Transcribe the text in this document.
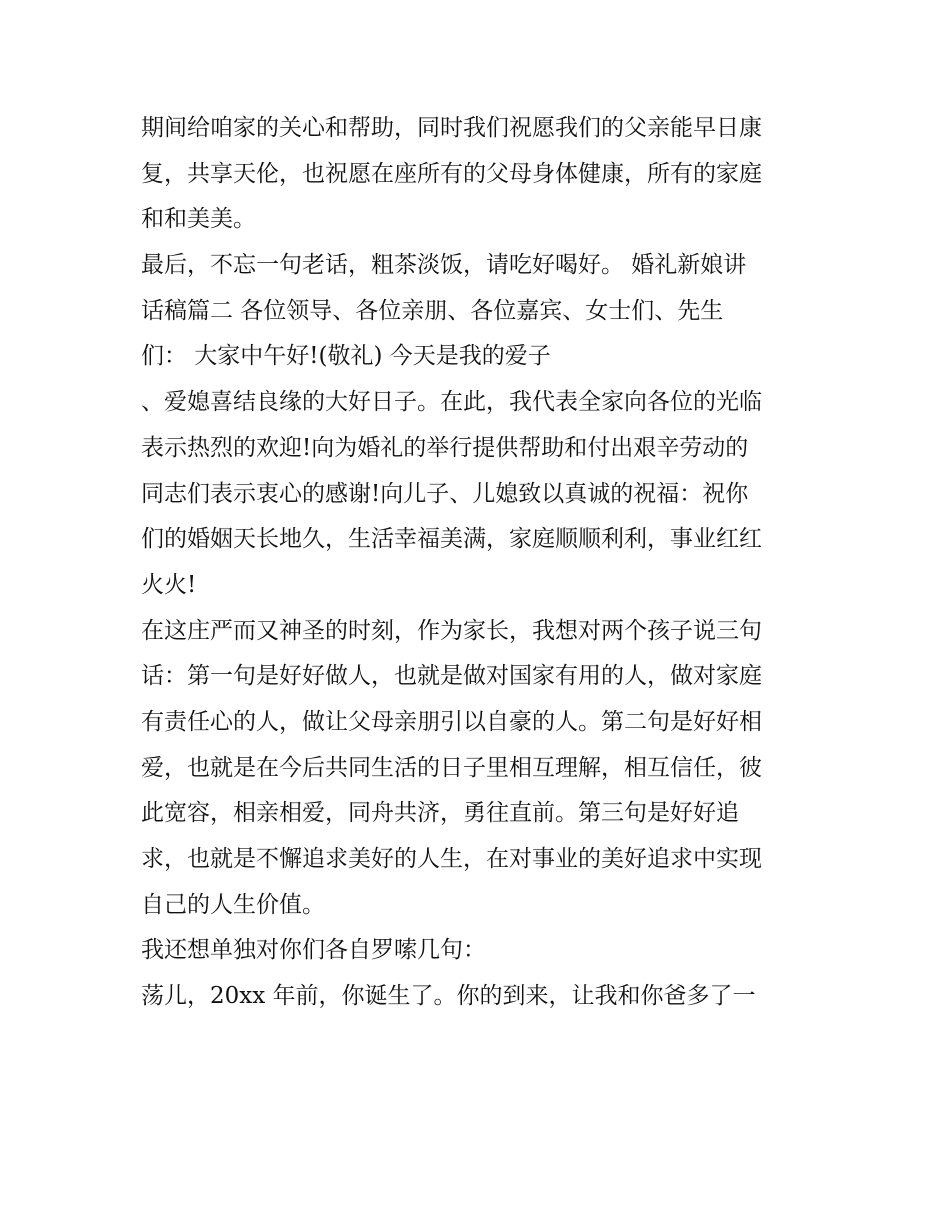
期间给咱家的关心和帮助，同时我们祝愿我们的父亲能早日康
复，共享天伦，也祝愿在座所有的父母身体健康，所有的家庭
和和美美。
最后，不忘一句老话，粗茶淡饭，请吃好喝好。 婚礼新娘讲
话稿篇二 各位领导、各位亲朋、各位嘉宾、女士们、先生
们： 大家中午好!(敬礼) 今天是我的爱子
、爱媳喜结良缘的大好日子。在此，我代表全家向各位的光临
表示热烈的欢迎!向为婚礼的举行提供帮助和付出艰辛劳动的
同志们表示衷心的感谢!向儿子、儿媳致以真诚的祝福：祝你
们的婚姻天长地久，生活幸福美满，家庭顺顺利利，事业红红
火火!
在这庄严而又神圣的时刻，作为家长，我想对两个孩子说三句
话：第一句是好好做人，也就是做对国家有用的人，做对家庭
有责任心的人，做让父母亲朋引以自豪的人。第二句是好好相
爱，也就是在今后共同生活的日子里相互理解，相互信任，彼
此宽容，相亲相爱，同舟共济，勇往直前。第三句是好好追
求，也就是不懈追求美好的人生，在对事业的美好追求中实现
自己的人生价值。
我还想单独对你们各自罗嗦几句：
荡儿，20xx 年前，你诞生了。你的到来，让我和你爸多了一
